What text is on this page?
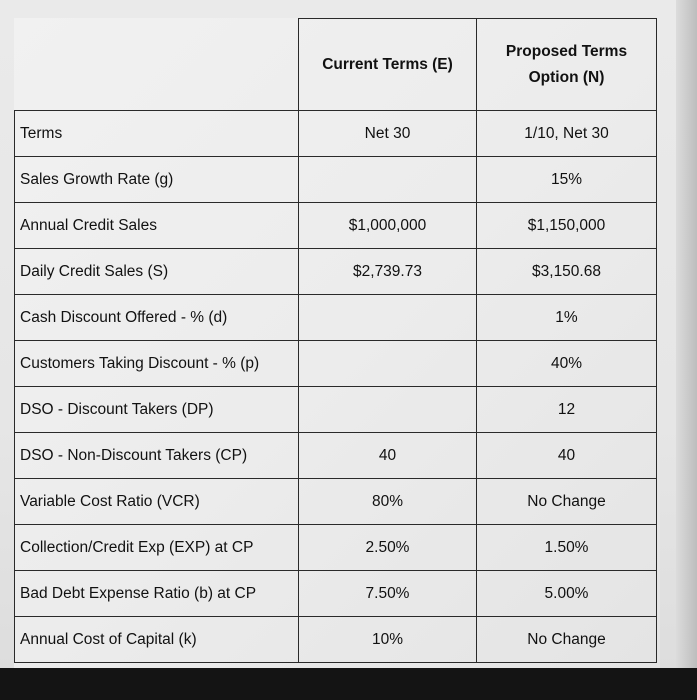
	Current Terms (E)	Proposed Terms
Option (N)
Terms	Net 30	1/10, Net 30
Sales Growth Rate (g)		15%
Annual Credit Sales	$1,000,000	$1,150,000
Daily Credit Sales (S)	$2,739.73	$3,150.68
Cash Discount Offered - % (d)		1%
Customers Taking Discount - % (p)		40%
DSO - Discount Takers (DP)		12
DSO - Non-Discount Takers (CP)	40	40
Variable Cost Ratio (VCR)	80%	No Change
Collection/Credit Exp (EXP) at CP	2.50%	1.50%
Bad Debt Expense Ratio (b) at CP	7.50%	5.00%
Annual Cost of Capital (k)	10%	No Change
